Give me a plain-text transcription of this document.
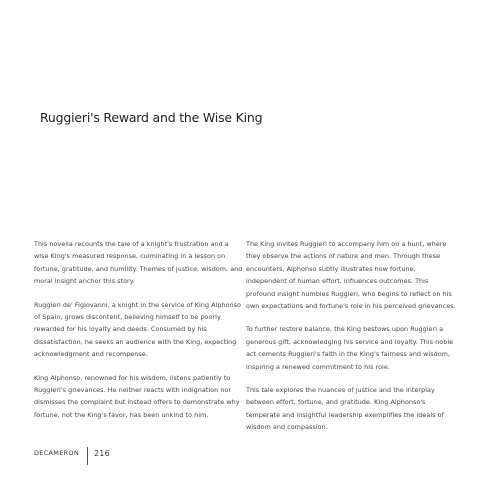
Ruggieri's Reward and the Wise King

This novella recounts the tale of a knight's frustration and a wise King's measured response, culminating in a lesson on fortune, gratitude, and humility. Themes of justice, wisdom, and moral insight anchor this story.

Ruggieri de' Figiovanni, a knight in the service of King Alphonso of Spain, grows discontent, believing himself to be poorly rewarded for his loyalty and deeds. Consumed by his dissatisfaction, he seeks an audience with the King, expecting acknowledgment and recompense.

King Alphonso, renowned for his wisdom, listens patiently to Ruggieri's grievances. He neither reacts with indignation nor dismisses the complaint but instead offers to demonstrate why fortune, not the King's favor, has been unkind to him.

The King invites Ruggieri to accompany him on a hunt, where they observe the actions of nature and men. Through these encounters, Alphonso subtly illustrates how fortune, independent of human effort, influences outcomes. This profound insight humbles Ruggieri, who begins to reflect on his own expectations and fortune's role in his perceived grievances.

To further restore balance, the King bestows upon Ruggieri a generous gift, acknowledging his service and loyalty. This noble act cements Ruggieri's faith in the King's fairness and wisdom, inspiring a renewed commitment to his role.

This tale explores the nuances of justice and the interplay between effort, fortune, and gratitude. King Alphonso's temperate and insightful leadership exemplifies the ideals of wisdom and compassion.

DECAMERON 216
